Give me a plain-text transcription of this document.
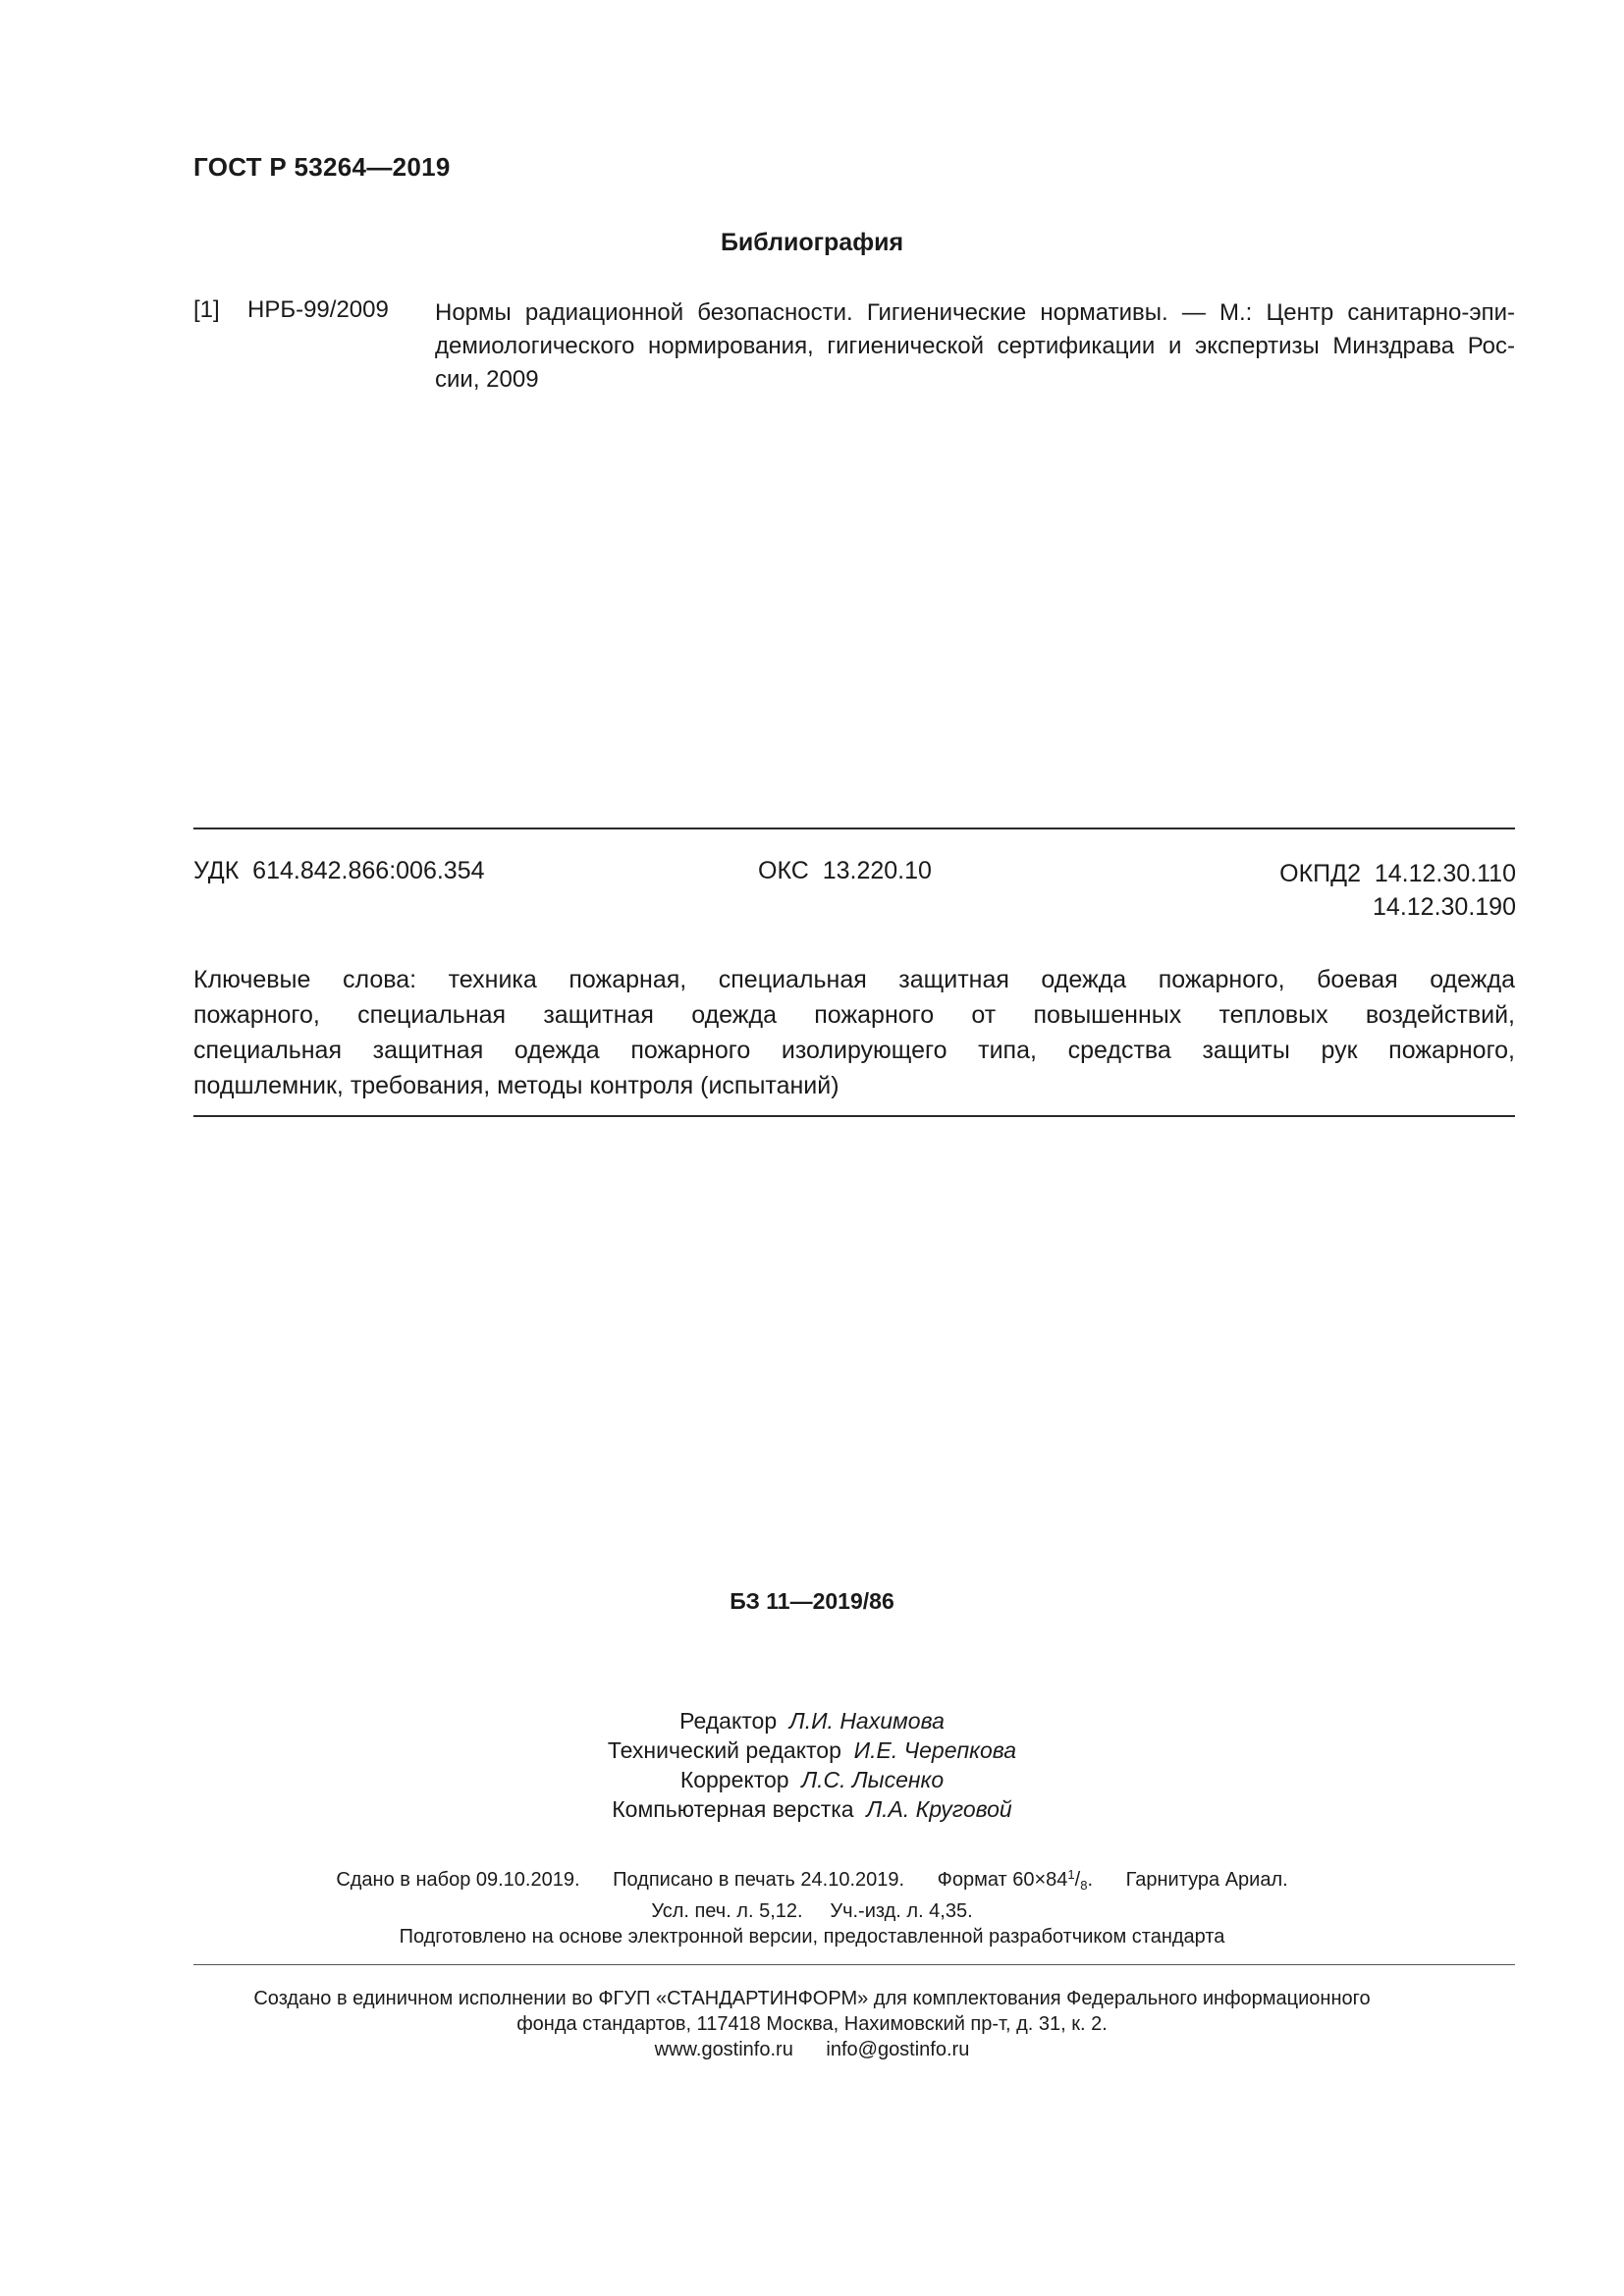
ГОСТ Р 53264—2019
Библиография
[1] НРБ-99/2009 Нормы радиационной безопасности. Гигиенические нормативы. — М.: Центр санитарно-эпи-
демиологического нормирования, гигиенической сертификации и экспертизы Минздрава Рос-
сии, 2009
УДК 614.842.866:006.354	ОКС 13.220.10	ОКПД2 14.12.30.110
14.12.30.190
Ключевые слова: техника пожарная, специальная защитная одежда пожарного, боевая одежда
пожарного, специальная защитная одежда пожарного от повышенных тепловых воздействий,
специальная защитная одежда пожарного изолирующего типа, средства защиты рук пожарного,
подшлемник, требования, методы контроля (испытаний)
БЗ 11—2019/86
Редактор Л.И. Нахимова
Технический редактор И.Е. Черепкова
Корректор Л.С. Лысенко
Компьютерная верстка Л.А. Круговой
Сдано в набор 09.10.2019. Подписано в печать 24.10.2019. Формат $60\times 84^1/_8$. Гарнитура Ариал.
Усл. печ. л. 5,12. Уч.-изд. л. 4,35.
Подготовлено на основе электронной версии, предоставленной разработчиком стандарта
Создано в единичном исполнении во ФГУП «СТАНДАРТИНФОРМ» для комплектования Федерального информационного
фонда стандартов, 117418 Москва, Нахимовский пр-т, д. 31, к. 2.
www.gostinfo.ru info@gostinfo.ru
